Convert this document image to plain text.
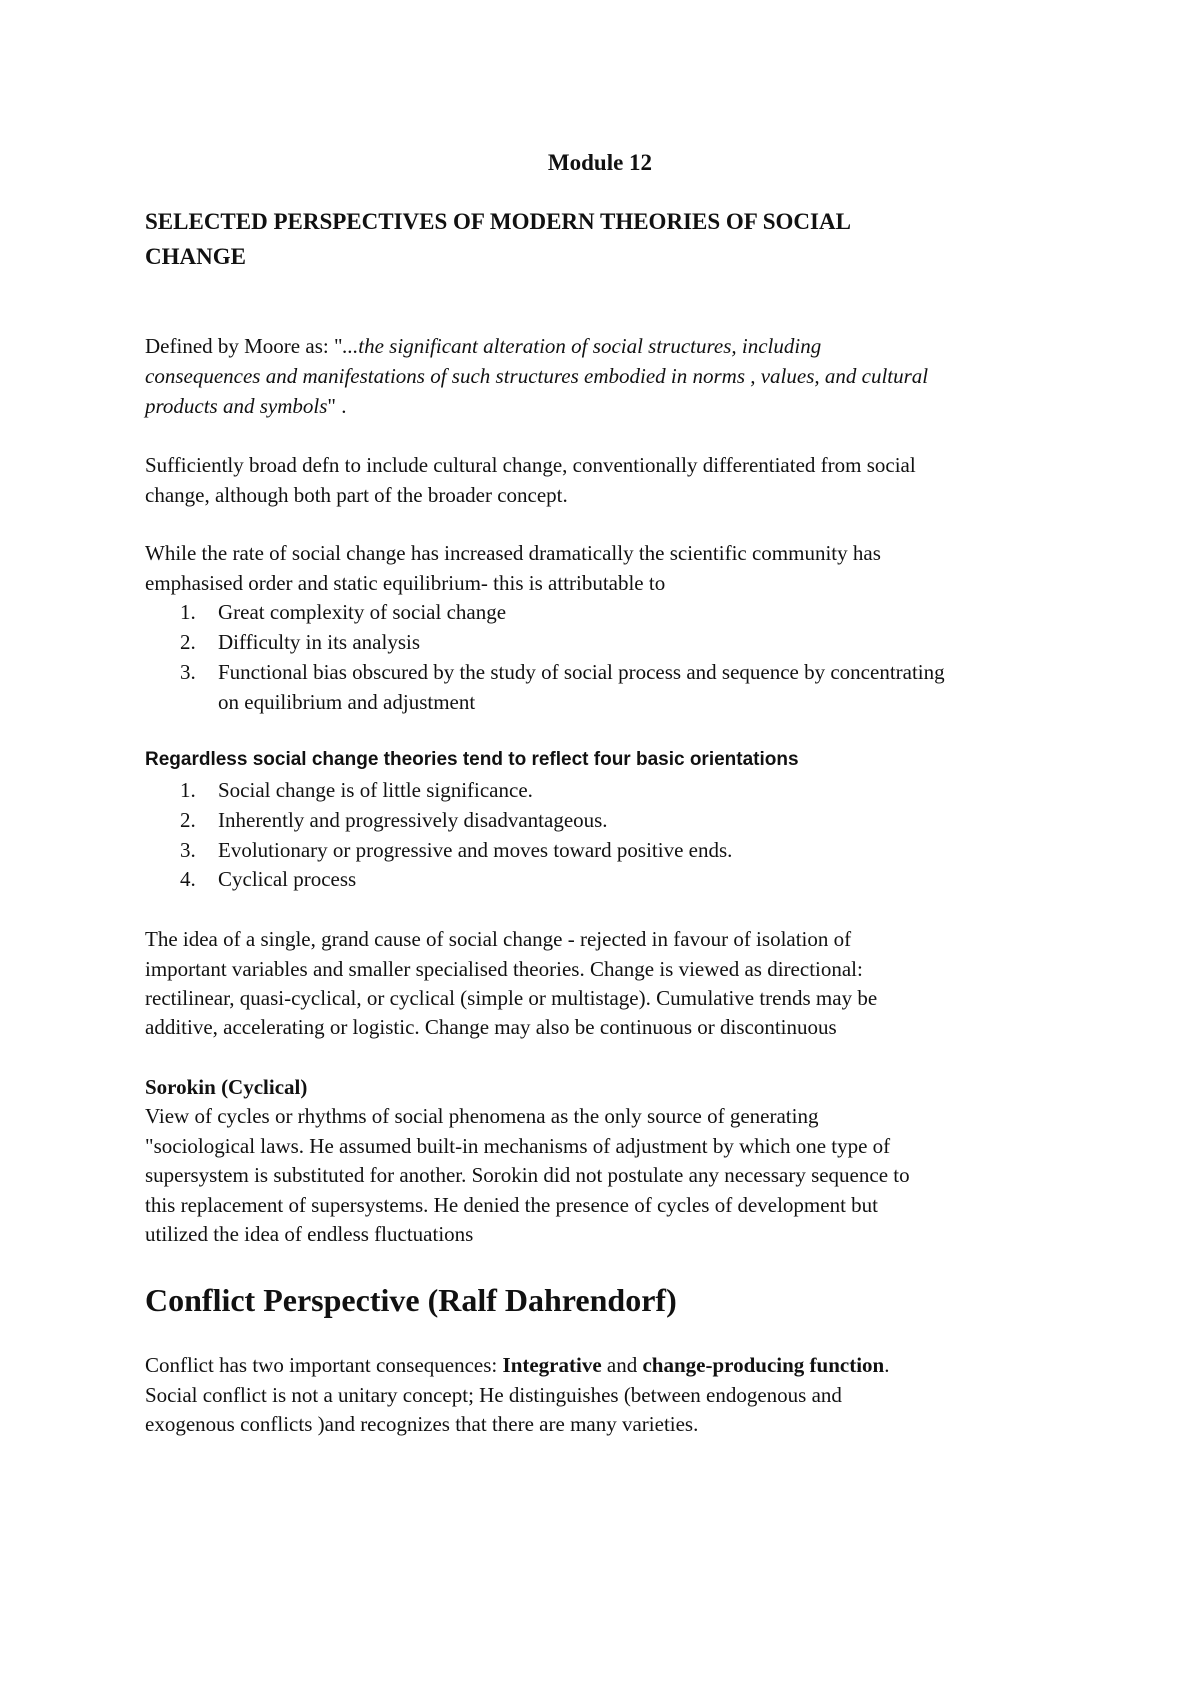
Module 12
SELECTED PERSPECTIVES OF MODERN THEORIES OF SOCIAL
CHANGE
Defined by Moore as: "...the significant alteration of social structures, including
consequences and manifestations of such structures embodied in norms , values, and cultural
products and symbols" .
Sufficiently broad defn to include cultural change, conventionally differentiated from social
change, although both part of the broader concept.
While the rate of social change has increased dramatically the scientific community has
emphasised order and static equilibrium- this is attributable to
1. Great complexity of social change
2. Difficulty in its analysis
3. Functional bias obscured by the study of social process and sequence by concentrating
on equilibrium and adjustment
Regardless social change theories tend to reflect four basic orientations
1. Social change is of little significance.
2. Inherently and progressively disadvantageous.
3. Evolutionary or progressive and moves toward positive ends.
4. Cyclical process
The idea of a single, grand cause of social change - rejected in favour of isolation of
important variables and smaller specialised theories. Change is viewed as directional:
rectilinear, quasi-cyclical, or cyclical (simple or multistage). Cumulative trends may be
additive, accelerating or logistic. Change may also be continuous or discontinuous
Sorokin (Cyclical)
View of cycles or rhythms of social phenomena as the only source of generating
"sociological laws. He assumed built-in mechanisms of adjustment by which one type of
supersystem is substituted for another. Sorokin did not postulate any necessary sequence to
this replacement of supersystems. He denied the presence of cycles of development but
utilized the idea of endless fluctuations
Conflict Perspective (Ralf Dahrendorf)
Conflict has two important consequences: Integrative and change-producing function.
Social conflict is not a unitary concept; He distinguishes (between endogenous and
exogenous conflicts )and recognizes that there are many varieties.
